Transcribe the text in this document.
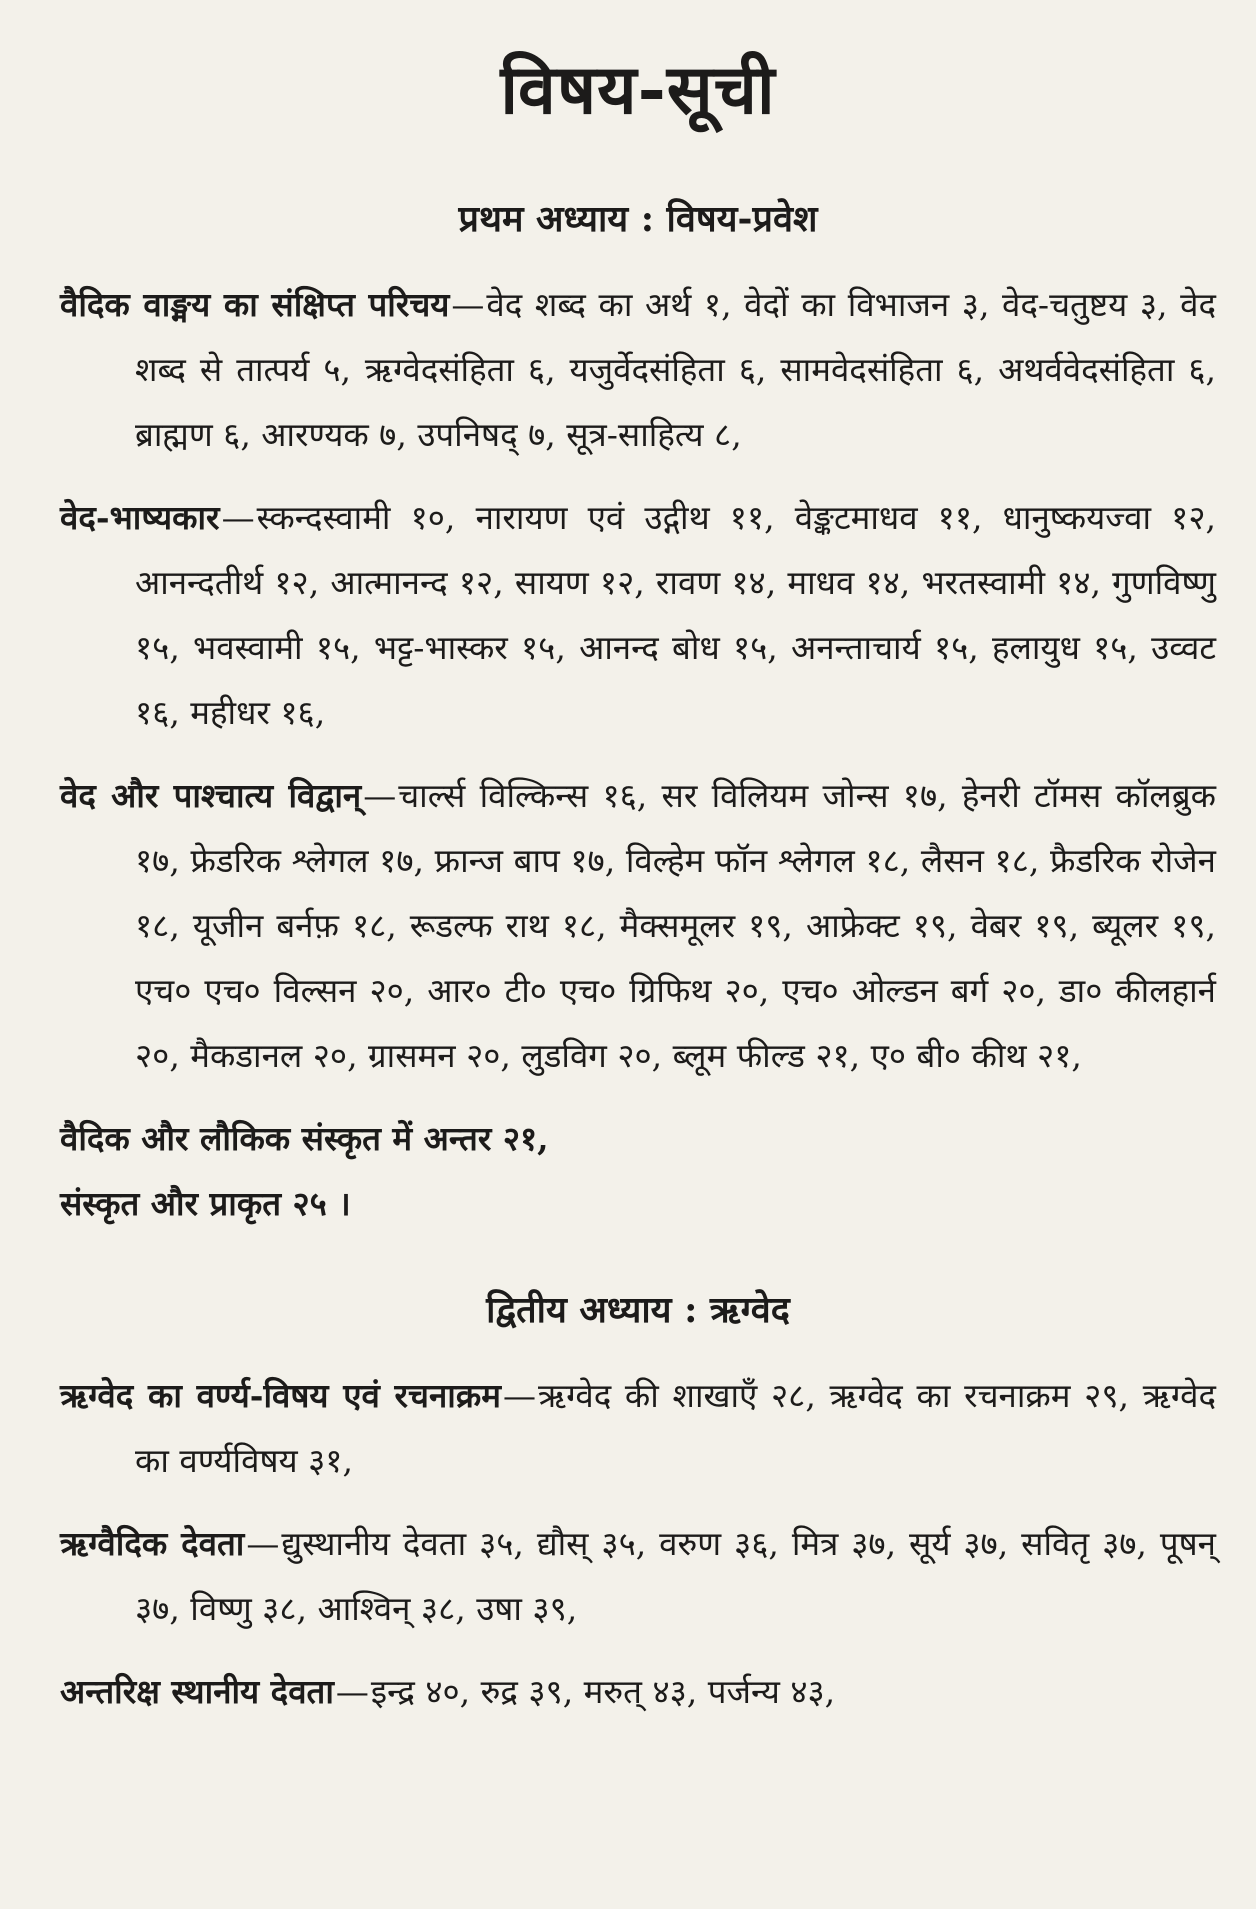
विषय-सूची
प्रथम अध्याय : विषय-प्रवेश
वैदिक वाङ्मय का संक्षिप्त परिचय—वेद शब्द का अर्थ १, वेदों का विभाजन ३, वेद-चतुष्टय ३, वेद शब्द से तात्पर्य ५, ऋग्वेदसंहिता ६, यजुर्वेदसंहिता ६, सामवेदसंहिता ६, अथर्ववेदसंहिता ६, ब्राह्मण ६, आरण्यक ७, उपनिषद् ७, सूत्र-साहित्य ८,
वेद-भाष्यकार—स्कन्दस्वामी १०, नारायण एवं उद्गीथ ११, वेङ्कटमाधव ११, धानुष्कयज्वा १२, आनन्दतीर्थ १२, आत्मानन्द १२, सायण १२, रावण १४, माधव १४, भरतस्वामी १४, गुणविष्णु १५, भवस्वामी १५, भट्ट-भास्कर १५, आनन्द बोध १५, अनन्ताचार्य १५, हलायुध १५, उव्वट १६, महीधर १६,
वेद और पाश्चात्य विद्वान्—चार्ल्स विल्किन्स १६, सर विलियम जोन्स १७, हेनरी टॉमस कॉलब्रुक १७, फ्रेडरिक श्लेगल १७, फ्रान्ज बाप १७, विल्हेम फॉन श्लेगल १८, लैसन १८, फ्रैडरिक रोजेन १८, यूजीन बर्नफ़ १८, रूडल्फ राथ १८, मैक्समूलर १९, आफ्रेक्ट १९, वेबर १९, ब्यूलर १९, एच० एच० विल्सन २०, आर० टी० एच० ग्रिफिथ २०, एच० ओल्डन बर्ग २०, डा० कीलहार्न २०, मैकडानल २०, ग्रासमन २०, लुडविग २०, ब्लूम फील्ड २१, ए० बी० कीथ २१,
वैदिक और लौकिक संस्कृत में अन्तर २१,
संस्कृत और प्राकृत २५ ।
द्वितीय अध्याय : ऋग्वेद
ऋग्वेद का वर्ण्य-विषय एवं रचनाक्रम—ऋग्वेद की शाखाएँ २८, ऋग्वेद का रचनाक्रम २९, ऋग्वेद का वर्ण्यविषय ३१,
ऋग्वैदिक देवता—द्युस्थानीय देवता ३५, द्यौस् ३५, वरुण ३६, मित्र ३७, सूर्य ३७, सवितृ ३७, पूषन् ३७, विष्णु ३८, आश्विन् ३८, उषा ३९,
अन्तरिक्ष स्थानीय देवता—इन्द्र ४०, रुद्र ३९, मरुत् ४३, पर्जन्य ४३,
